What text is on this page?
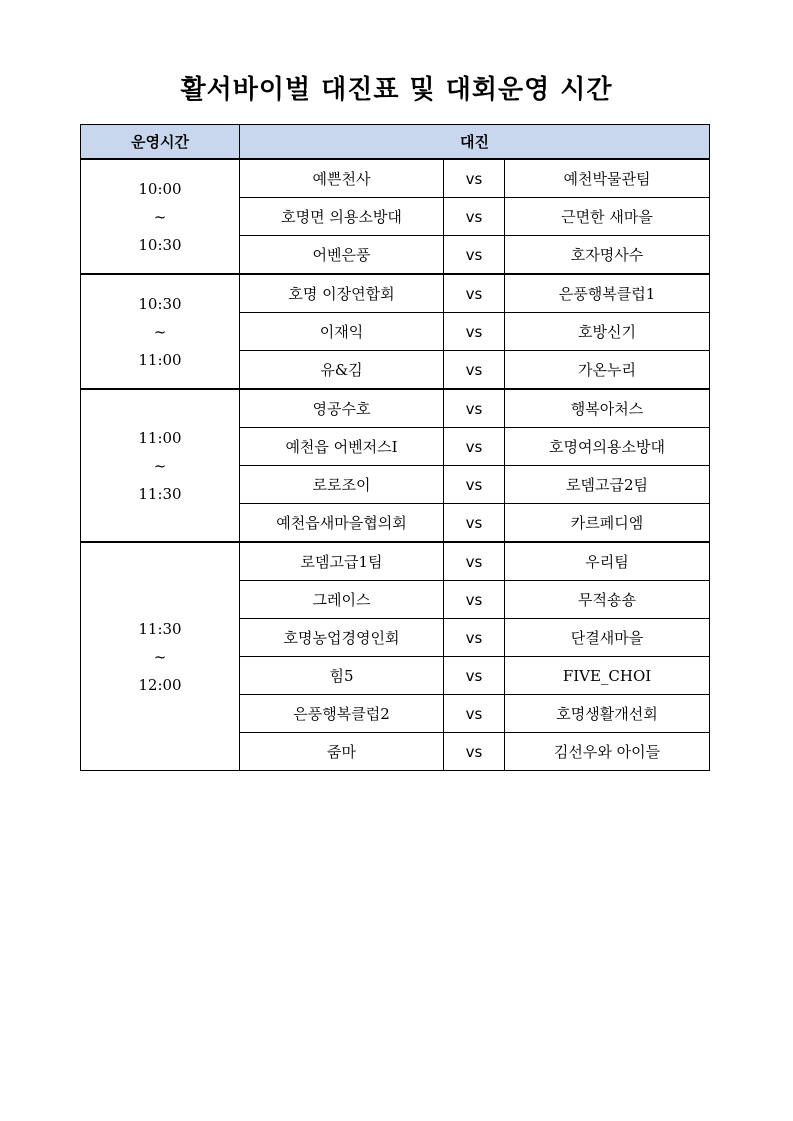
활서바이벌 대진표 및 대회운영 시간
운영시간	대진		

10:00
~
10:30	예쁜천사	vs	예천박물관팀
	호명면 의용소방대	vs	근면한 새마을
	어벤은풍	vs	호자명사수

10:30
~
11:00	호명 이장연합회	vs	은풍행복클럽1
	이재익	vs	호방신기
	유&김	vs	가온누리

11:00
~
11:30	영공수호	vs	행복아처스
	예천읍 어벤저스Ⅰ	vs	호명여의용소방대
	로로조이	vs	로뎀고급2팀
	예천읍새마을협의회	vs	카르페디엠

11:30
~
12:00	로뎀고급1팀	vs	우리팀
	그레이스	vs	무적숑숑
	호명농업경영인회	vs	단결새마을
	힘5	vs	FIVE_CHOI
	은풍행복클럽2	vs	호명생활개선회
	줌마	vs	김선우와 아이들
